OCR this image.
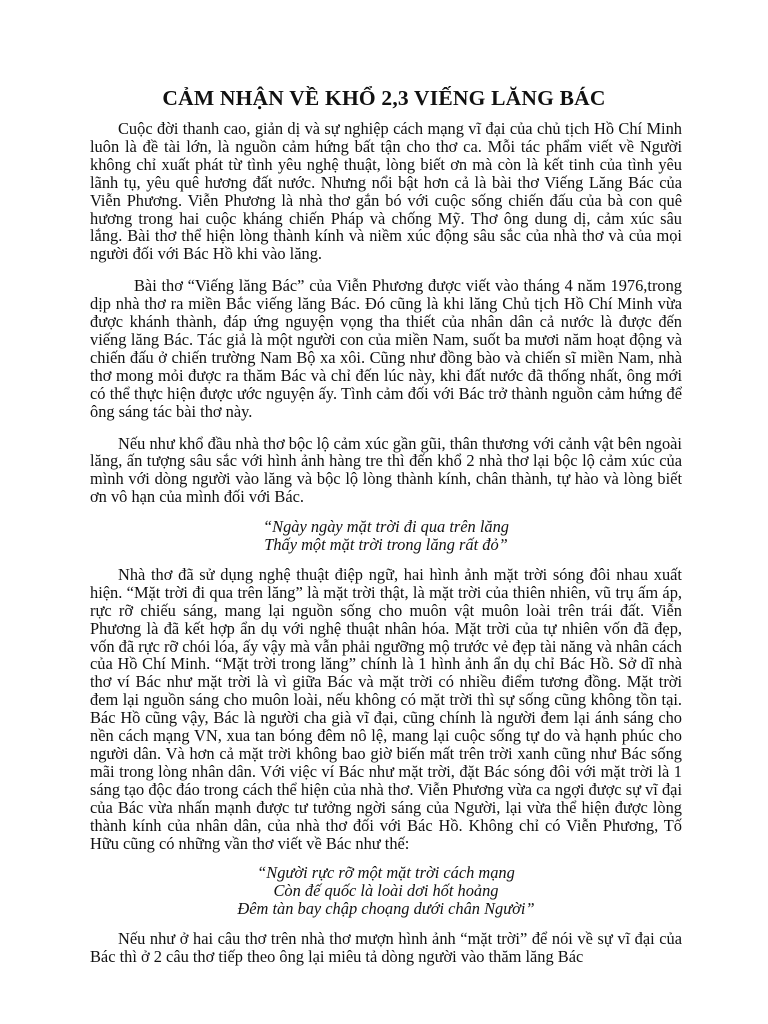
CẢM NHẬN VỀ KHỔ 2,3 VIẾNG LĂNG BÁC

Cuộc đời thanh cao, giản dị và sự nghiệp cách mạng vĩ đại của chủ tịch Hồ Chí Minh luôn là đề tài lớn, là nguồn cảm hứng bất tận cho thơ ca. Mỗi tác phẩm viết về Người không chỉ xuất phát từ tình yêu nghệ thuật, lòng biết ơn mà còn là kết tinh của tình yêu lãnh tụ, yêu quê hương đất nước. Nhưng nổi bật hơn cả là bài thơ Viếng Lăng Bác của Viễn Phương. Viễn Phương là nhà thơ gắn bó với cuộc sống chiến đấu của bà con quê hương trong hai cuộc kháng chiến Pháp và chống Mỹ. Thơ ông dung dị, cảm xúc sâu lắng. Bài thơ thể hiện lòng thành kính và niềm xúc động sâu sắc của nhà thơ và của mọi người đối với Bác Hồ khi vào lăng.

Bài thơ “Viếng lăng Bác” của Viễn Phương được viết vào tháng 4 năm 1976,trong dịp nhà thơ ra miền Bắc viếng lăng Bác. Đó cũng là khi lăng Chủ tịch Hồ Chí Minh vừa được khánh thành, đáp ứng nguyện vọng tha thiết của nhân dân cả nước là được đến viếng lăng Bác. Tác giả là một người con của miền Nam, suốt ba mươi năm hoạt động và chiến đấu ở chiến trường Nam Bộ xa xôi. Cũng như đồng bào và chiến sĩ miền Nam, nhà thơ mong mỏi được ra thăm Bác và chỉ đến lúc này, khi đất nước đã thống nhất, ông mới có thể thực hiện được ước nguyện ấy. Tình cảm đối với Bác trở thành nguồn cảm hứng để ông sáng tác bài thơ này.

Nếu như khổ đầu nhà thơ bộc lộ cảm xúc gần gũi, thân thương với cảnh vật bên ngoài lăng, ấn tượng sâu sắc với hình ảnh hàng tre thì đến khổ 2 nhà thơ lại bộc lộ cảm xúc của mình với dòng người vào lăng và bộc lộ lòng thành kính, chân thành, tự hào và lòng biết ơn vô hạn của mình đối với Bác.

“Ngày ngày mặt trời đi qua trên lăng
Thấy một mặt trời trong lăng rất đỏ”

Nhà thơ đã sử dụng nghệ thuật điệp ngữ, hai hình ảnh mặt trời sóng đôi nhau xuất hiện. “Mặt trời đi qua trên lăng” là mặt trời thật, là mặt trời của thiên nhiên, vũ trụ ấm áp, rực rỡ chiếu sáng, mang lại nguồn sống cho muôn vật muôn loài trên trái đất. Viễn Phương là đã kết hợp ẩn dụ với nghệ thuật nhân hóa. Mặt trời của tự nhiên vốn đã đẹp, vốn đã rực rỡ chói lóa, ấy vậy mà vẫn phải ngưỡng mộ trước vẻ đẹp tài năng và nhân cách của Hồ Chí Minh. “Mặt trời trong lăng” chính là 1 hình ảnh ẩn dụ chỉ Bác Hồ. Sở dĩ nhà thơ ví Bác như mặt trời là vì giữa Bác và mặt trời có nhiều điểm tương đồng. Mặt trời đem lại nguồn sáng cho muôn loài, nếu không có mặt trời thì sự sống cũng không tồn tại. Bác Hồ cũng vậy, Bác là người cha già vĩ đại, cũng chính là người đem lại ánh sáng cho nền cách mạng VN, xua tan bóng đêm nô lệ, mang lại cuộc sống tự do và hạnh phúc cho người dân. Và hơn cả mặt trời không bao giờ biến mất trên trời xanh cũng như Bác sống mãi trong lòng nhân dân. Với việc ví Bác như mặt trời, đặt Bác sóng đôi với mặt trời là 1 sáng tạo độc đáo trong cách thể hiện của nhà thơ. Viễn Phương vừa ca ngợi được sự vĩ đại của Bác vừa nhấn mạnh được tư tưởng ngời sáng của Người, lại vừa thể hiện được lòng thành kính của nhân dân, của nhà thơ đối với Bác Hồ. Không chỉ có Viễn Phương, Tố Hữu cũng có những vần thơ viết về Bác như thế:

“Người rực rỡ một mặt trời cách mạng
Còn đế quốc là loài dơi hốt hoảng
Đêm tàn bay chập choạng dưới chân Người”

Nếu như ở hai câu thơ trên nhà thơ mượn hình ảnh “mặt trời” để nói về sự vĩ đại của Bác thì ở 2 câu thơ tiếp theo ông lại miêu tả dòng người vào thăm lăng Bác
